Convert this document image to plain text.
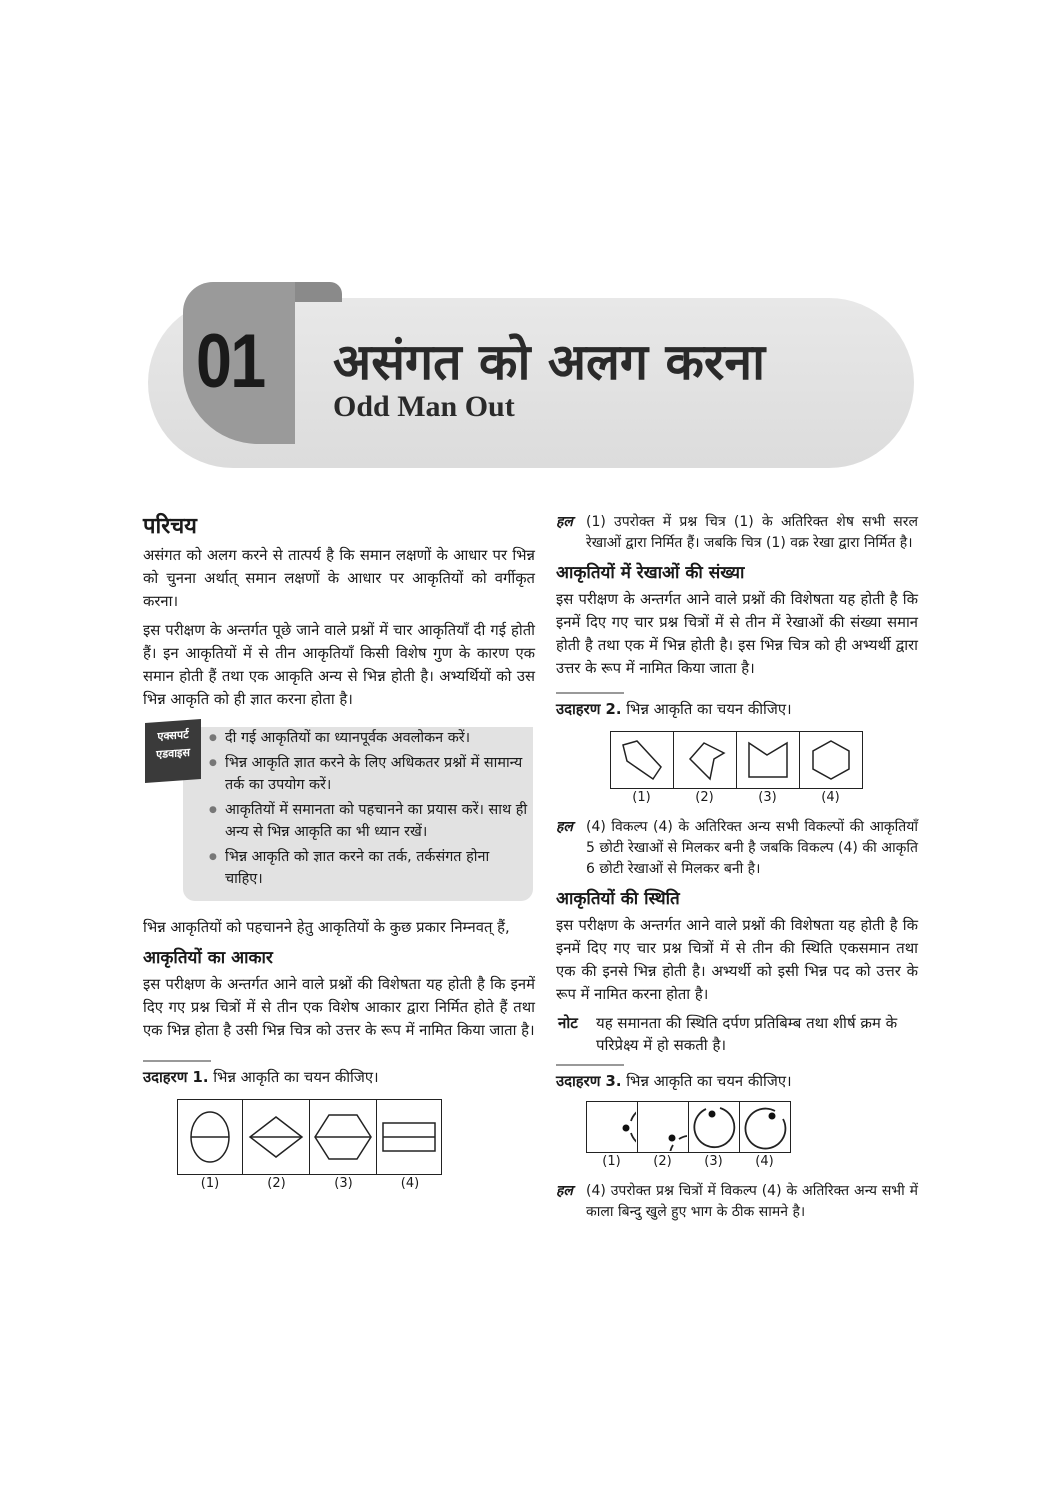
01 असंगत को अलग करना
Odd Man Out
परिचय

असंगत को अलग करने से तात्पर्य है कि समान लक्षणों के आधार पर भिन्न को चुनना अर्थात् समान लक्षणों के आधार पर आकृतियों को वर्गीकृत करना।

इस परीक्षण के अन्तर्गत पूछे जाने वाले प्रश्नों में चार आकृतियाँ दी गई होती हैं। इन आकृतियों में से तीन आकृतियाँ किसी विशेष गुण के कारण एक समान होती हैं तथा एक आकृति अन्य से भिन्न होती है। अभ्यर्थियों को उस भिन्न आकृति को ही ज्ञात करना होता है।

एक्सपर्ट एडवाइस
● दी गई आकृतियों का ध्यानपूर्वक अवलोकन करें।
● भिन्न आकृति ज्ञात करने के लिए अधिकतर प्रश्नों में सामान्य तर्क का उपयोग करें।
● आकृतियों में समानता को पहचानने का प्रयास करें। साथ ही अन्य से भिन्न आकृति का भी ध्यान रखें।
● भिन्न आकृति को ज्ञात करने का तर्क, तर्कसंगत होना चाहिए।

भिन्न आकृतियों को पहचानने हेतु आकृतियों के कुछ प्रकार निम्नवत् हैं,

आकृतियों का आकार

इस परीक्षण के अन्तर्गत आने वाले प्रश्नों की विशेषता यह होती है कि इनमें दिए गए प्रश्न चित्रों में से तीन एक विशेष आकार द्वारा निर्मित होते हैं तथा एक भिन्न होता है उसी भिन्न चित्र को उत्तर के रूप में नामित किया जाता है।

उदाहरण 1. भिन्न आकृति का चयन कीजिए।
(1)	(2)	(3)	(4)
हल (1) उपरोक्त में प्रश्न चित्र (1) के अतिरिक्त शेष सभी सरल रेखाओं द्वारा निर्मित हैं। जबकि चित्र (1) वक्र रेखा द्वारा निर्मित है।
आकृतियों में रेखाओं की संख्या

इस परीक्षण के अन्तर्गत आने वाले प्रश्नों की विशेषता यह होती है कि इनमें दिए गए चार प्रश्न चित्रों में से तीन में रेखाओं की संख्या समान होती है तथा एक में भिन्न होती है। इस भिन्न चित्र को ही अभ्यर्थी द्वारा उत्तर के रूप में नामित किया जाता है।

उदाहरण 2. भिन्न आकृति का चयन कीजिए।
(1)	(2)	(3)	(4)
हल (4) विकल्प (4) के अतिरिक्त अन्य सभी विकल्पों की आकृतियाँ 5 छोटी रेखाओं से मिलकर बनी है जबकि विकल्प (4) की आकृति 6 छोटी रेखाओं से मिलकर बनी है।
आकृतियों की स्थिति

इस परीक्षण के अन्तर्गत आने वाले प्रश्नों की विशेषता यह होती है कि इनमें दिए गए चार प्रश्न चित्रों में से तीन की स्थिति एकसमान तथा एक की इनसे भिन्न होती है। अभ्यर्थी को इसी भिन्न पद को उत्तर के रूप में नामित करना होता है।

नोट यह समानता की स्थिति दर्पण प्रतिबिम्ब तथा शीर्ष क्रम के परिप्रेक्ष्य में हो सकती है।
उदाहरण 3. भिन्न आकृति का चयन कीजिए।
(1)	(2)	(3)	(4)
हल (4) उपरोक्त प्रश्न चित्रों में विकल्प (4) के अतिरिक्त अन्य सभी में काला बिन्दु खुले हुए भाग के ठीक सामने है।
